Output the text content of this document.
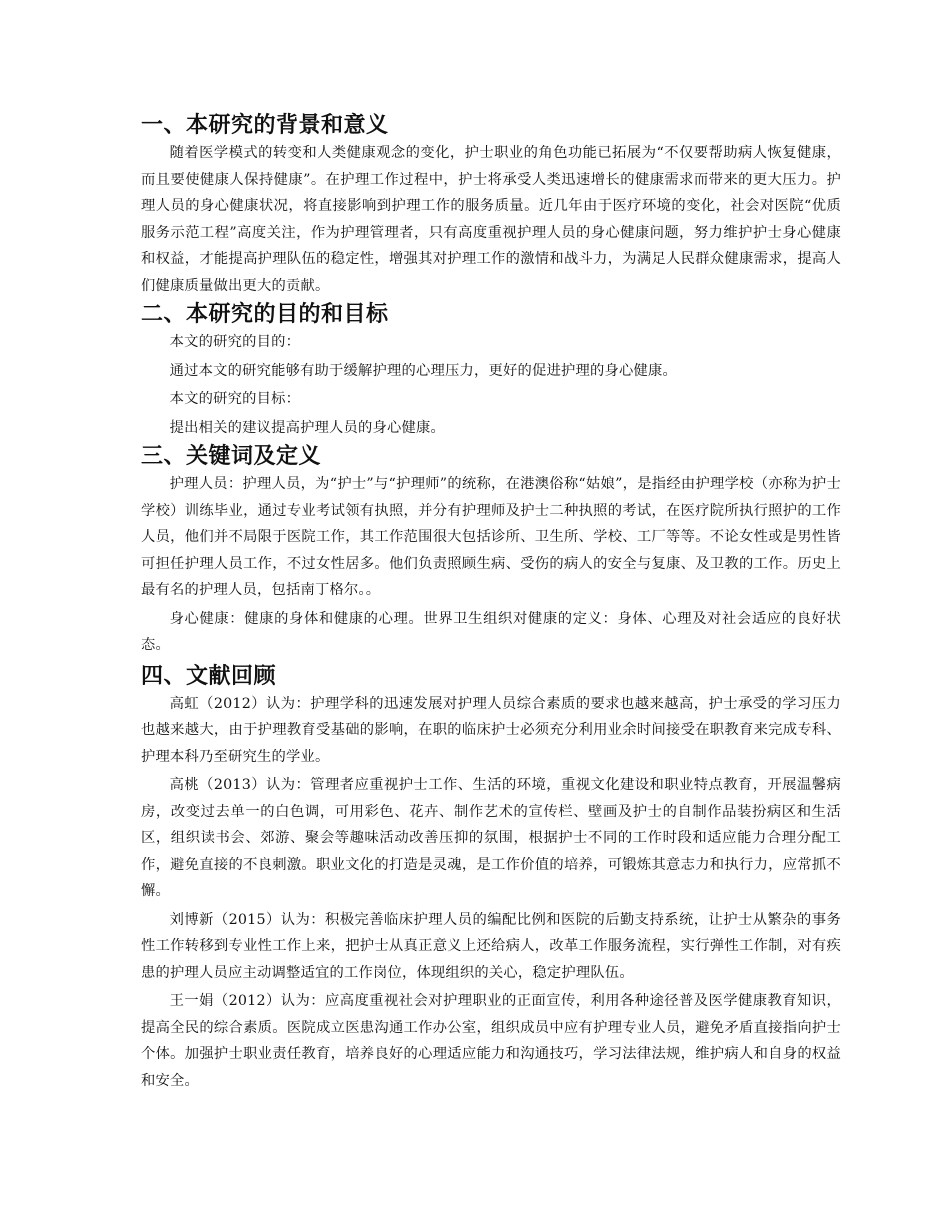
一、本研究的背景和意义

随着医学模式的转变和人类健康观念的变化，护士职业的角色功能已拓展为“不仅要帮助病人恢复健康，而且要使健康人保持健康”。在护理工作过程中，护士将承受人类迅速增长的健康需求而带来的更大压力。护理人员的身心健康状况，将直接影响到护理工作的服务质量。近几年由于医疗环境的变化，社会对医院“优质服务示范工程”高度关注，作为护理管理者，只有高度重视护理人员的身心健康问题，努力维护护士身心健康和权益，才能提高护理队伍的稳定性，增强其对护理工作的激情和战斗力，为满足人民群众健康需求，提高人们健康质量做出更大的贡献。

二、本研究的目的和目标

本文的研究的目的：

通过本文的研究能够有助于缓解护理的心理压力，更好的促进护理的身心健康。

本文的研究的目标：

提出相关的建议提高护理人员的身心健康。

三、关键词及定义

护理人员：护理人员，为“护士”与“护理师”的统称，在港澳俗称“姑娘”，是指经由护理学校（亦称为护士学校）训练毕业，通过专业考试领有执照，并分有护理师及护士二种执照的考试，在医疗院所执行照护的工作人员，他们并不局限于医院工作，其工作范围很大包括诊所、卫生所、学校、工厂等等。不论女性或是男性皆可担任护理人员工作，不过女性居多。他们负责照顾生病、受伤的病人的安全与复康、及卫教的工作。历史上最有名的护理人员，包括南丁格尔。。

身心健康：健康的身体和健康的心理。世界卫生组织对健康的定义：身体、心理及对社会适应的良好状态。

四、文献回顾

高虹（2012）认为：护理学科的迅速发展对护理人员综合素质的要求也越来越高，护士承受的学习压力也越来越大，由于护理教育受基础的影响，在职的临床护士必须充分利用业余时间接受在职教育来完成专科、护理本科乃至研究生的学业。

高桃（2013）认为：管理者应重视护士工作、生活的环境，重视文化建设和职业特点教育，开展温馨病房，改变过去单一的白色调，可用彩色、花卉、制作艺术的宣传栏、壁画及护士的自制作品装扮病区和生活区，组织读书会、郊游、聚会等趣味活动改善压抑的氛围，根据护士不同的工作时段和适应能力合理分配工作，避免直接的不良刺激。职业文化的打造是灵魂，是工作价值的培养，可锻炼其意志力和执行力，应常抓不懈。

刘博新（2015）认为：积极完善临床护理人员的编配比例和医院的后勤支持系统，让护士从繁杂的事务性工作转移到专业性工作上来，把护士从真正意义上还给病人，改革工作服务流程，实行弹性工作制，对有疾患的护理人员应主动调整适宜的工作岗位，体现组织的关心，稳定护理队伍。

王一娟（2012）认为：应高度重视社会对护理职业的正面宣传，利用各种途径普及医学健康教育知识，提高全民的综合素质。医院成立医患沟通工作办公室，组织成员中应有护理专业人员，避免矛盾直接指向护士个体。加强护士职业责任教育，培养良好的心理适应能力和沟通技巧，学习法律法规，维护病人和自身的权益和安全。
